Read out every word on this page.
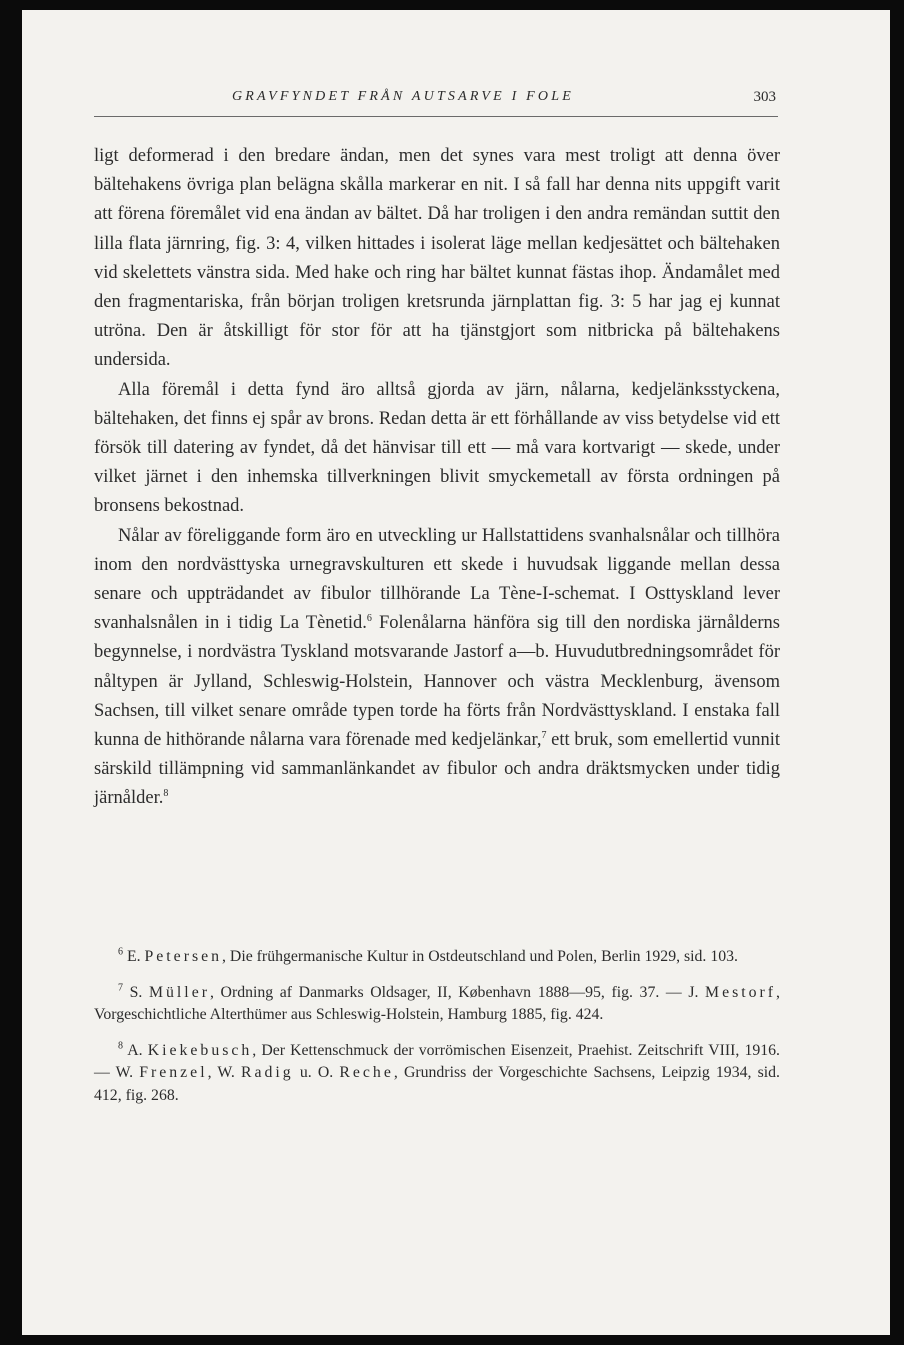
GRAVFYNDET FRÅN AUTSARVE I FOLE	303

ligt deformerad i den bredare ändan, men det synes vara mest troligt att denna över bältehakens övriga plan belägna skålla markerar en nit. I så fall har denna nits uppgift varit att förena föremålet vid ena ändan av bältet. Då har troligen i den andra remändan suttit den lilla flata järnring, fig. 3: 4, vilken hittades i isolerat läge mellan kedjesättet och bältehaken vid skelettets vänstra sida. Med hake och ring har bältet kunnat fästas ihop. Ändamålet med den fragmentariska, från början troligen kretsrunda järnplattan fig. 3: 5 har jag ej kunnat utröna. Den är åtskilligt för stor för att ha tjänstgjort som nitbricka på bältehakens undersida.

Alla föremål i detta fynd äro alltså gjorda av järn, nålarna, kedjelänksstyckena, bältehaken, det finns ej spår av brons. Redan detta är ett förhållande av viss betydelse vid ett försök till datering av fyndet, då det hänvisar till ett — må vara kortvarigt — skede, under vilket järnet i den inhemska tillverkningen blivit smyckemetall av första ordningen på bronsens bekostnad.

Nålar av föreliggande form äro en utveckling ur Hallstattidens svanhalsnålar och tillhöra inom den nordvästtyska urnegravskulturen ett skede i huvudsak liggande mellan dessa senare och uppträdandet av fibulor tillhörande La Tène-I-schemat. I Osttyskland lever svanhalsnålen in i tidig La Tènetid.$^6$ Folenålarna hänföra sig till den nordiska järnålderns begynnelse, i nordvästra Tyskland motsvarande Jastorf a—b. Huvudutbredningsområdet för nåltypen är Jylland, Schleswig-Holstein, Hannover och västra Mecklenburg, ävensom Sachsen, till vilket senare område typen torde ha förts från Nordvästtyskland. I enstaka fall kunna de hithörande nålarna vara förenade med kedjelänkar,$^7$ ett bruk, som emellertid vunnit särskild tillämpning vid sammanlänkandet av fibulor och andra dräktsmycken under tidig järnålder.$^8$

$^6$ E. Petersen, Die frühgermanische Kultur in Ostdeutschland und Polen, Berlin 1929, sid. 103.

$^7$ S. Müller, Ordning af Danmarks Oldsager, II, København 1888—95, fig. 37. — J. Mestorf, Vorgeschichtliche Alterthümer aus Schleswig-Holstein, Hamburg 1885, fig. 424.

$^8$ A. Kiekebusch, Der Kettenschmuck der vorrömischen Eisenzeit, Praehist. Zeitschrift VIII, 1916. — W. Frenzel, W. Radig u. O. Reche, Grundriss der Vorgeschichte Sachsens, Leipzig 1934, sid. 412, fig. 268.
